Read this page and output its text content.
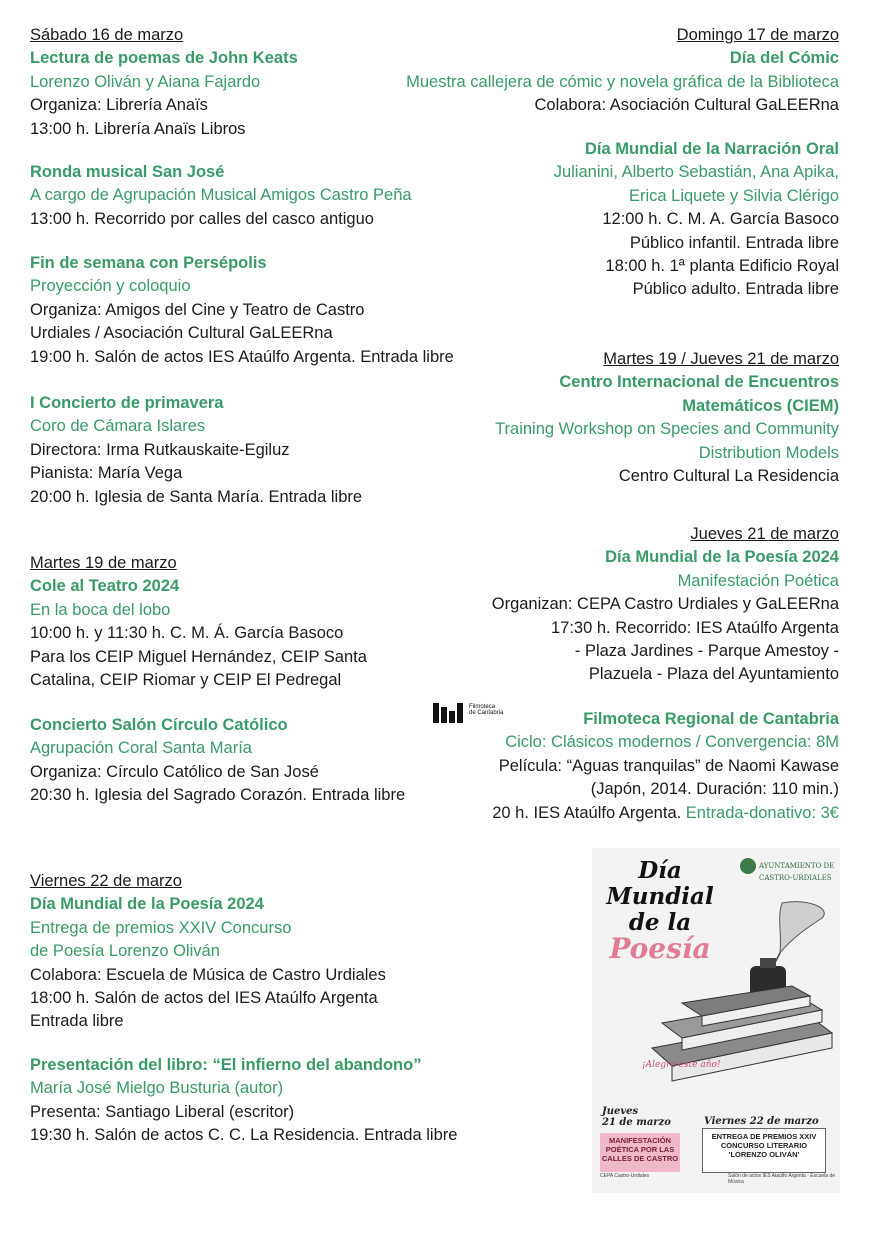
Sábado 16 de marzo
Lectura de poemas de John Keats
Lorenzo Oliván y Aiana Fajardo
Organiza: Librería Anaïs
13:00 h. Librería Anaïs Libros
Ronda musical San José
A cargo de Agrupación Musical Amigos Castro Peña
13:00 h. Recorrido por calles del casco antiguo
Fin de semana con Persépolis
Proyección y coloquio
Organiza: Amigos del Cine y Teatro de Castro
Urdiales / Asociación Cultural GaLEERna
19:00 h. Salón de actos IES Ataúlfo Argenta. Entrada libre
I Concierto de primavera
Coro de Cámara Islares
Directora: Irma Rutkauskaite-Egiluz
Pianista: María Vega
20:00 h. Iglesia de Santa María. Entrada libre
Martes 19 de marzo
Cole al Teatro 2024
En la boca del lobo
10:00 h. y 11:30 h. C. M. Á. García Basoco
Para los CEIP Miguel Hernández, CEIP Santa
Catalina, CEIP Riomar y CEIP El Pedregal
Concierto Salón Círculo Católico
Agrupación Coral Santa María
Organiza: Círculo Católico de San José
20:30 h. Iglesia del Sagrado Corazón. Entrada libre
Viernes 22 de marzo
Día Mundial de la Poesía 2024
Entrega de premios XXIV Concurso
de Poesía Lorenzo Oliván
Colabora: Escuela de Música de Castro Urdiales
18:00 h. Salón de actos del IES Ataúlfo Argenta
Entrada libre
Presentación del libro: “El infierno del abandono”
María José Mielgo Busturia (autor)
Presenta: Santiago Liberal (escritor)
19:30 h. Salón de actos C. C. La Residencia. Entrada libre
Domingo 17 de marzo
Día del Cómic
Muestra callejera de cómic y novela gráfica de la Biblioteca
Colabora: Asociación Cultural GaLEERna
Día Mundial de la Narración Oral
Julianini, Alberto Sebastián, Ana Apika,
Erica Liquete y Silvia Clérigo
12:00 h. C. M. A. García Basoco
Público infantil. Entrada libre
18:00 h. 1ª planta Edificio Royal
Público adulto. Entrada libre
Martes 19 / Jueves 21 de marzo
Centro Internacional de Encuentros
Matemáticos (CIEM)
Training Workshop on Species and Community
Distribution Models
Centro Cultural La Residencia
Jueves 21 de marzo
Día Mundial de la Poesía 2024
Manifestación Poética
Organizan: CEPA Castro Urdiales y GaLEERna
17:30 h. Recorrido: IES Ataúlfo Argenta
- Plaza Jardines - Parque Amestoy -
Plazuela - Plaza del Ayuntamiento
Filmoteca
de Cantabria	Filmoteca Regional de Cantabria
Ciclo: Clásicos modernos / Convergencia: 8M
Película: “Aguas tranquilas” de Naomi Kawase
(Japón, 2014. Duración: 110 min.)
20 h. IES Ataúlfo Argenta. Entrada-donativo: 3€
Día
Mundial
de la
Poesía
AYUNTAMIENTO DE
CASTRO-URDIALES
¡Alegra este año!
Jueves
21 de marzo	Viernes 22 de marzo
MANIFESTACIÓN POÉTICA POR LAS CALLES DE CASTRO
ENTREGA DE PREMIOS XXIV CONCURSO LITERARIO 'LORENZO OLIVÁN'
CEPA Castro-Urdiales	Salón de actos IES Ataúlfo Argenta · Escuela de Música
